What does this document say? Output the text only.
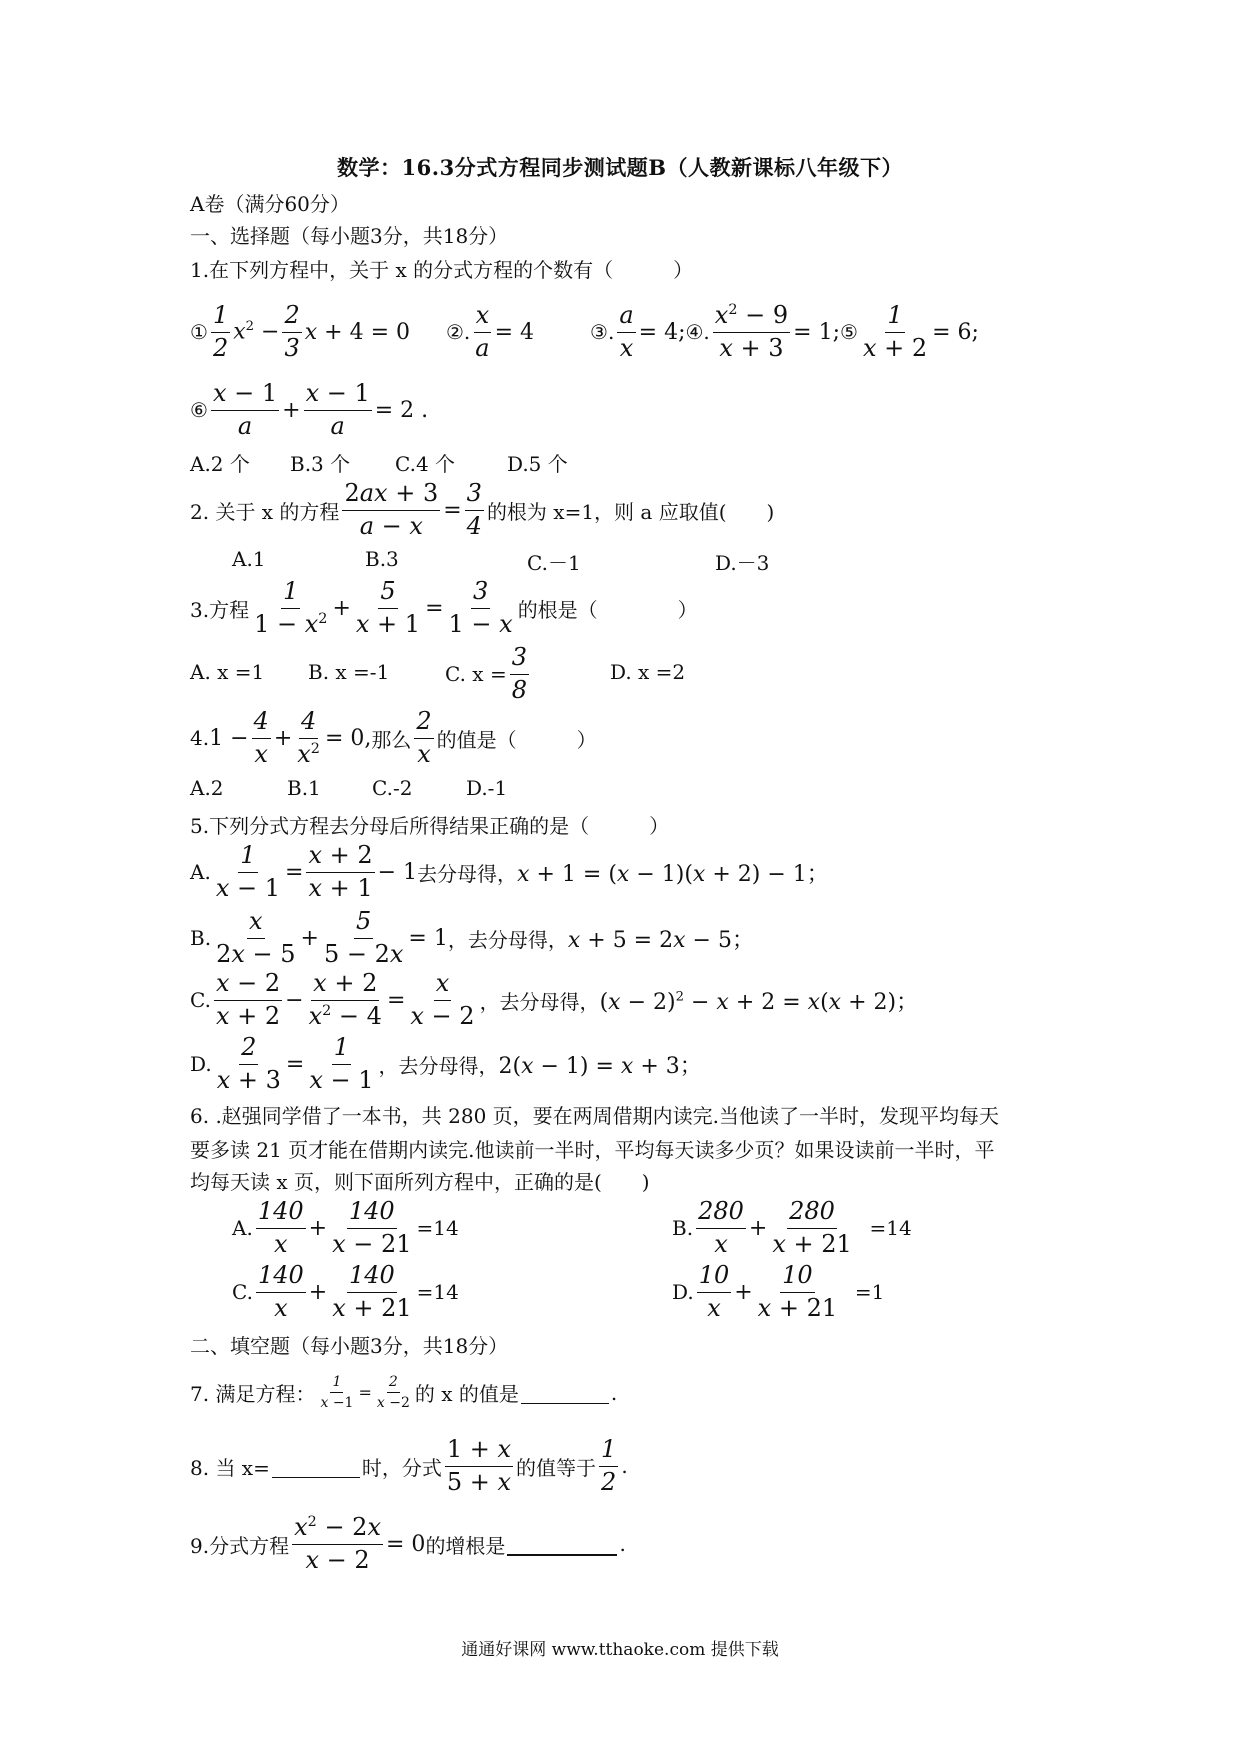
数学：16.3分式方程同步测试题B（人教新课标八年级下）
A卷（满分60分）
一、选择题（每小题3分，共18分）
1.在下列方程中，关于 x 的分式方程的个数有（　　　）
① $\frac{1}{2} x^2 - \frac{2}{3}$ x + 4 = 0 ②. $\frac{x}{a} = 4$	③. $\frac{a}{x} = 4$; ④. $\frac{x^2 - 9}{x + 3} = 1$; ⑤ $\frac{1}{x + 2} = 6$;
⑥ $\frac{x - 1}{a} + \frac{x - 1}{a} = 2$ .
A.2 个 B.3 个 C.4 个	D.5 个
2. 关于 x 的方程 $\frac{2ax + 3}{a - x} = \frac{3}{4}$ 的根为 x=1，则 a 应取值(　　)
A.1	B.3	C.－1	D.－3
3.方程 $\frac{1}{1 - x^2} + \frac{5}{x + 1} = \frac{3}{1 - x}$ 的根是（　　　　）
A. x =1 B. x =-1	C. $x = \frac{3}{8}$	D. x =2
4. $1 - \frac{4}{x} + \frac{4}{x^2} = 0$, 那么 $\frac{2}{x}$ 的值是（　　　）
A.2	B.1	C.-2	D.-1
5.下列分式方程去分母后所得结果正确的是（　　　）
A. $\frac{1}{x - 1} = \frac{x + 2}{x + 1} - 1$ 去分母得， x + 1 = (x − 1)(x + 2) − 1；
B. $\frac{x}{2x - 5} + \frac{5}{5 - 2x} = 1$ ，去分母得， x + 5 = 2x − 5；
C. $\frac{x - 2}{x + 2} - \frac{x + 2}{x^2 - 4} = \frac{x}{x - 2}$ ，去分母得， $(x - 2)^2 - x + 2 = x(x + 2)$；
D. $\frac{2}{x + 3} = \frac{1}{x - 1}$ ，去分母得， 2(x − 1) = x + 3；
6. .赵强同学借了一本书，共 280 页，要在两周借期内读完.当他读了一半时，发现平均每天
要多读 21 页才能在借期内读完.他读前一半时，平均每天读多少页？如果设读前一半时，平
均每天读 x 页，则下面所列方程中，正确的是(　　)
A. $\frac{140}{x} + \frac{140}{x - 21} =14$	B. $\frac{280}{x} + \frac{280}{x + 21} =14$
C. $\frac{140}{x} + \frac{140}{x + 21} =14$	D. $\frac{10}{x} + \frac{10}{x + 21} =1$
二、填空题（每小题3分，共18分）
7. 满足方程： $\frac{1}{x -1} = \frac{2}{x -2}$ 的 x 的值是	.
8. 当 x=	时，分式 $\frac{1 + x}{5 + x}$ 的值等于 $\frac{1}{2}$ .
9.分式方程 $\frac{x^2 - 2x}{x - 2} = 0$ 的增根是	.
通通好课网 www.tthaoke.com 提供下载
